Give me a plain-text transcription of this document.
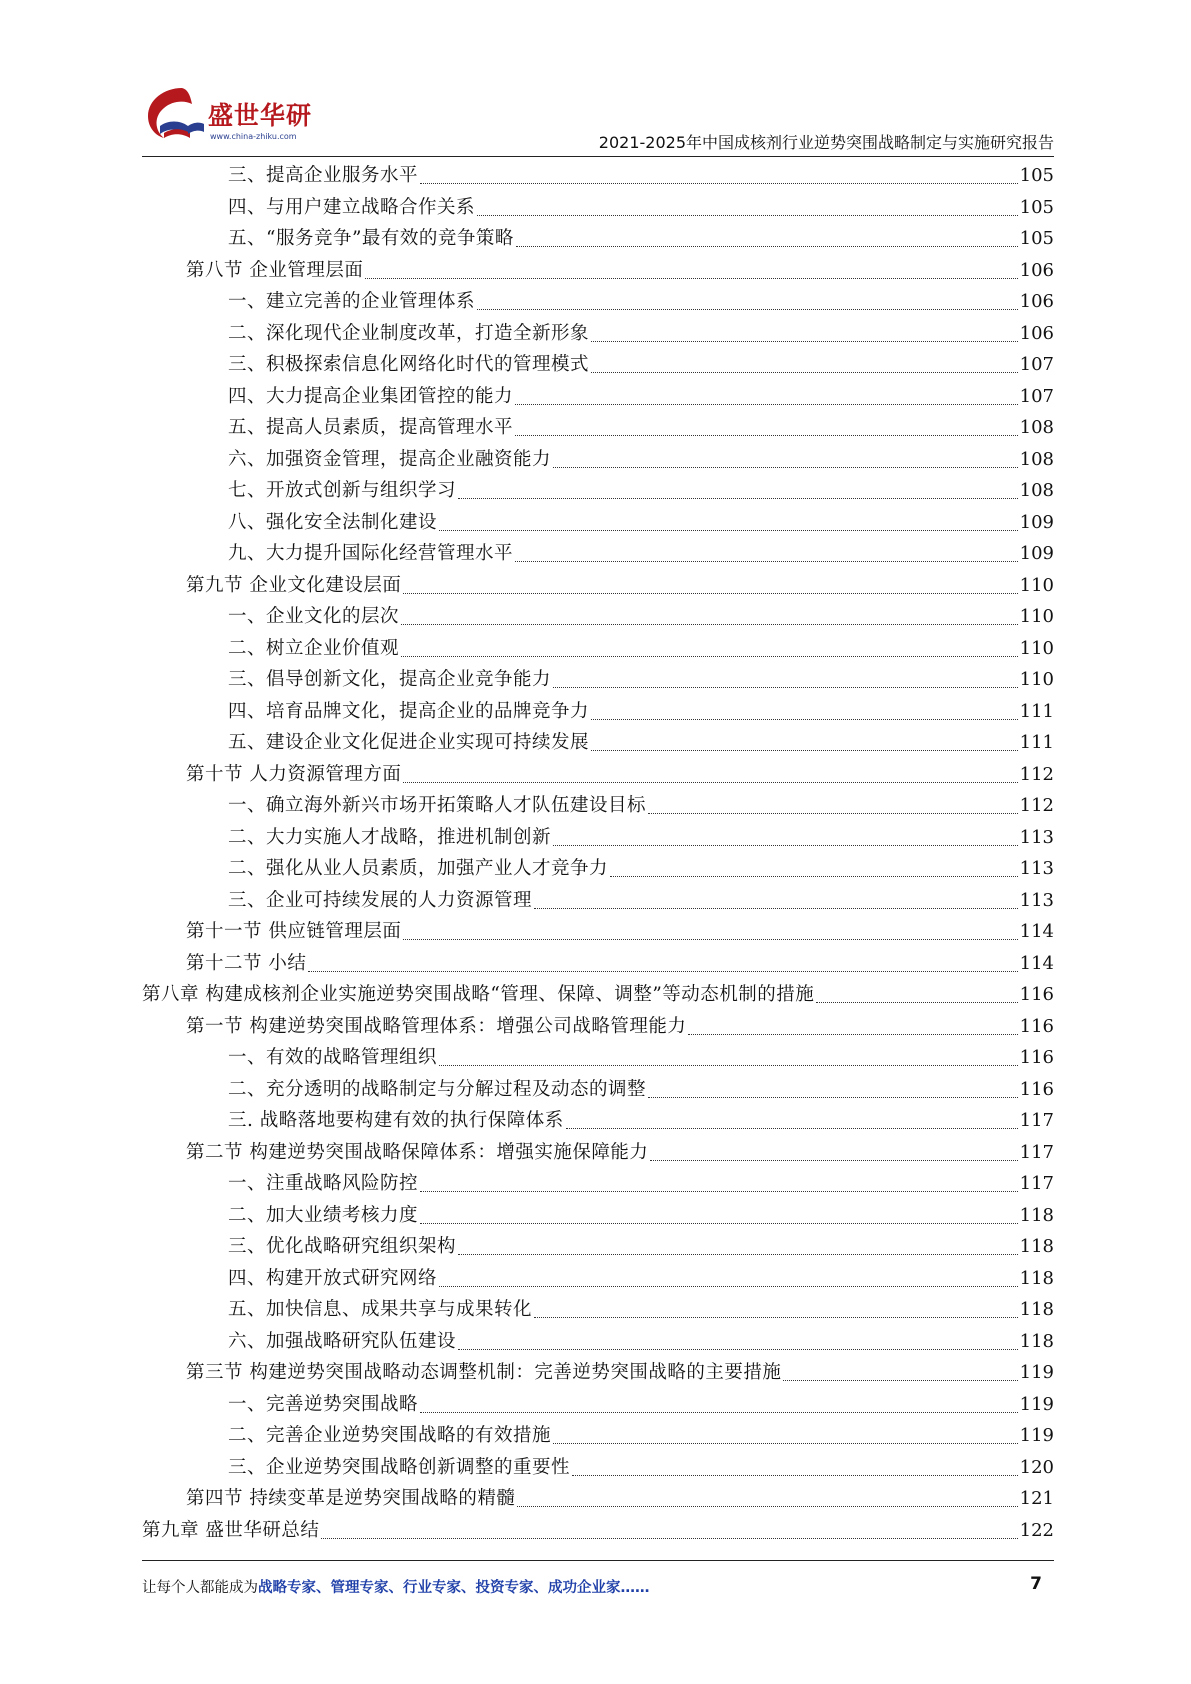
盛世华研
www.china-zhiku.com	2021-2025年中国成核剂行业逆势突围战略制定与实施研究报告
三、提高企业服务水平	105
四、与用户建立战略合作关系	105
五、“服务竞争”最有效的竞争策略	105
第八节 企业管理层面	106
一、建立完善的企业管理体系	106
二、深化现代企业制度改革，打造全新形象	106
三、积极探索信息化网络化时代的管理模式	107
四、大力提高企业集团管控的能力	107
五、提高人员素质，提高管理水平	108
六、加强资金管理，提高企业融资能力	108
七、开放式创新与组织学习	108
八、强化安全法制化建设	109
九、大力提升国际化经营管理水平	109
第九节 企业文化建设层面	110
一、企业文化的层次	110
二、树立企业价值观	110
三、倡导创新文化，提高企业竞争能力	110
四、培育品牌文化，提高企业的品牌竞争力	111
五、建设企业文化促进企业实现可持续发展	111
第十节 人力资源管理方面	112
一、确立海外新兴市场开拓策略人才队伍建设目标	112
二、大力实施人才战略，推进机制创新	113
二、强化从业人员素质，加强产业人才竞争力	113
三、企业可持续发展的人力资源管理	113
第十一节 供应链管理层面	114
第十二节 小结	114
第八章 构建成核剂企业实施逆势突围战略“管理、保障、调整”等动态机制的措施	116
第一节 构建逆势突围战略管理体系：增强公司战略管理能力	116
一、有效的战略管理组织	116
二、充分透明的战略制定与分解过程及动态的调整	116
三. 战略落地要构建有效的执行保障体系	117
第二节 构建逆势突围战略保障体系：增强实施保障能力	117
一、注重战略风险防控	117
二、加大业绩考核力度	118
三、优化战略研究组织架构	118
四、构建开放式研究网络	118
五、加快信息、成果共享与成果转化	118
六、加强战略研究队伍建设	118
第三节 构建逆势突围战略动态调整机制：完善逆势突围战略的主要措施	119
一、完善逆势突围战略	119
二、完善企业逆势突围战略的有效措施	119
三、企业逆势突围战略创新调整的重要性	120
第四节 持续变革是逆势突围战略的精髓	121
第九章 盛世华研总结	122
让每个人都能成为战略专家、管理专家、行业专家、投资专家、成功企业家……	7
